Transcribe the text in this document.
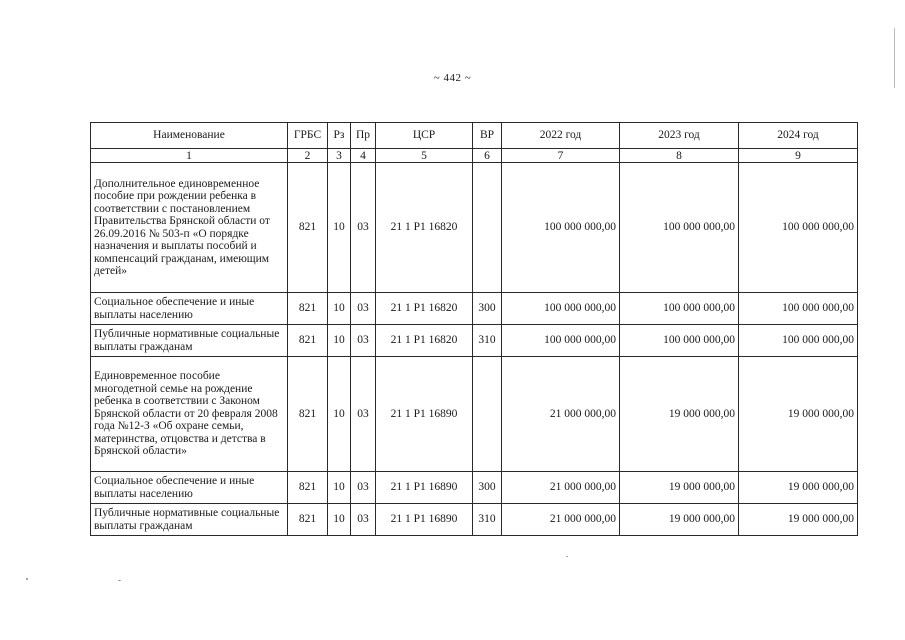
~ 442 ~
Наименование	ГРБС	Рз	Пр	ЦСР	ВР	2022 год	2023 год	2024 год
1	2	3	4	5	6	7	8	9
Дополнительное единовременное пособие при рождении ребенка в соответствии с постановлением Правительства Брянской области от 26.09.2016 № 503-п «О порядке назначения и выплаты пособий и компенсаций гражданам, имеющим детей»	821	10	03	21 1 Р1 16820		100 000 000,00	100 000 000,00	100 000 000,00
Социальное обеспечение и иные выплаты населению	821	10	03	21 1 Р1 16820	300	100 000 000,00	100 000 000,00	100 000 000,00
Публичные нормативные социальные выплаты гражданам	821	10	03	21 1 Р1 16820	310	100 000 000,00	100 000 000,00	100 000 000,00
Единовременное пособие многодетной семье на рождение ребенка в соответствии с Законом Брянской области от 20 февраля 2008 года №12-З «Об охране семьи, материнства, отцовства и детства в Брянской области»	821	10	03	21 1 Р1 16890		21 000 000,00	19 000 000,00	19 000 000,00
Социальное обеспечение и иные выплаты населению	821	10	03	21 1 Р1 16890	300	21 000 000,00	19 000 000,00	19 000 000,00
Публичные нормативные социальные выплаты гражданам	821	10	03	21 1 Р1 16890	310	21 000 000,00	19 000 000,00	19 000 000,00
